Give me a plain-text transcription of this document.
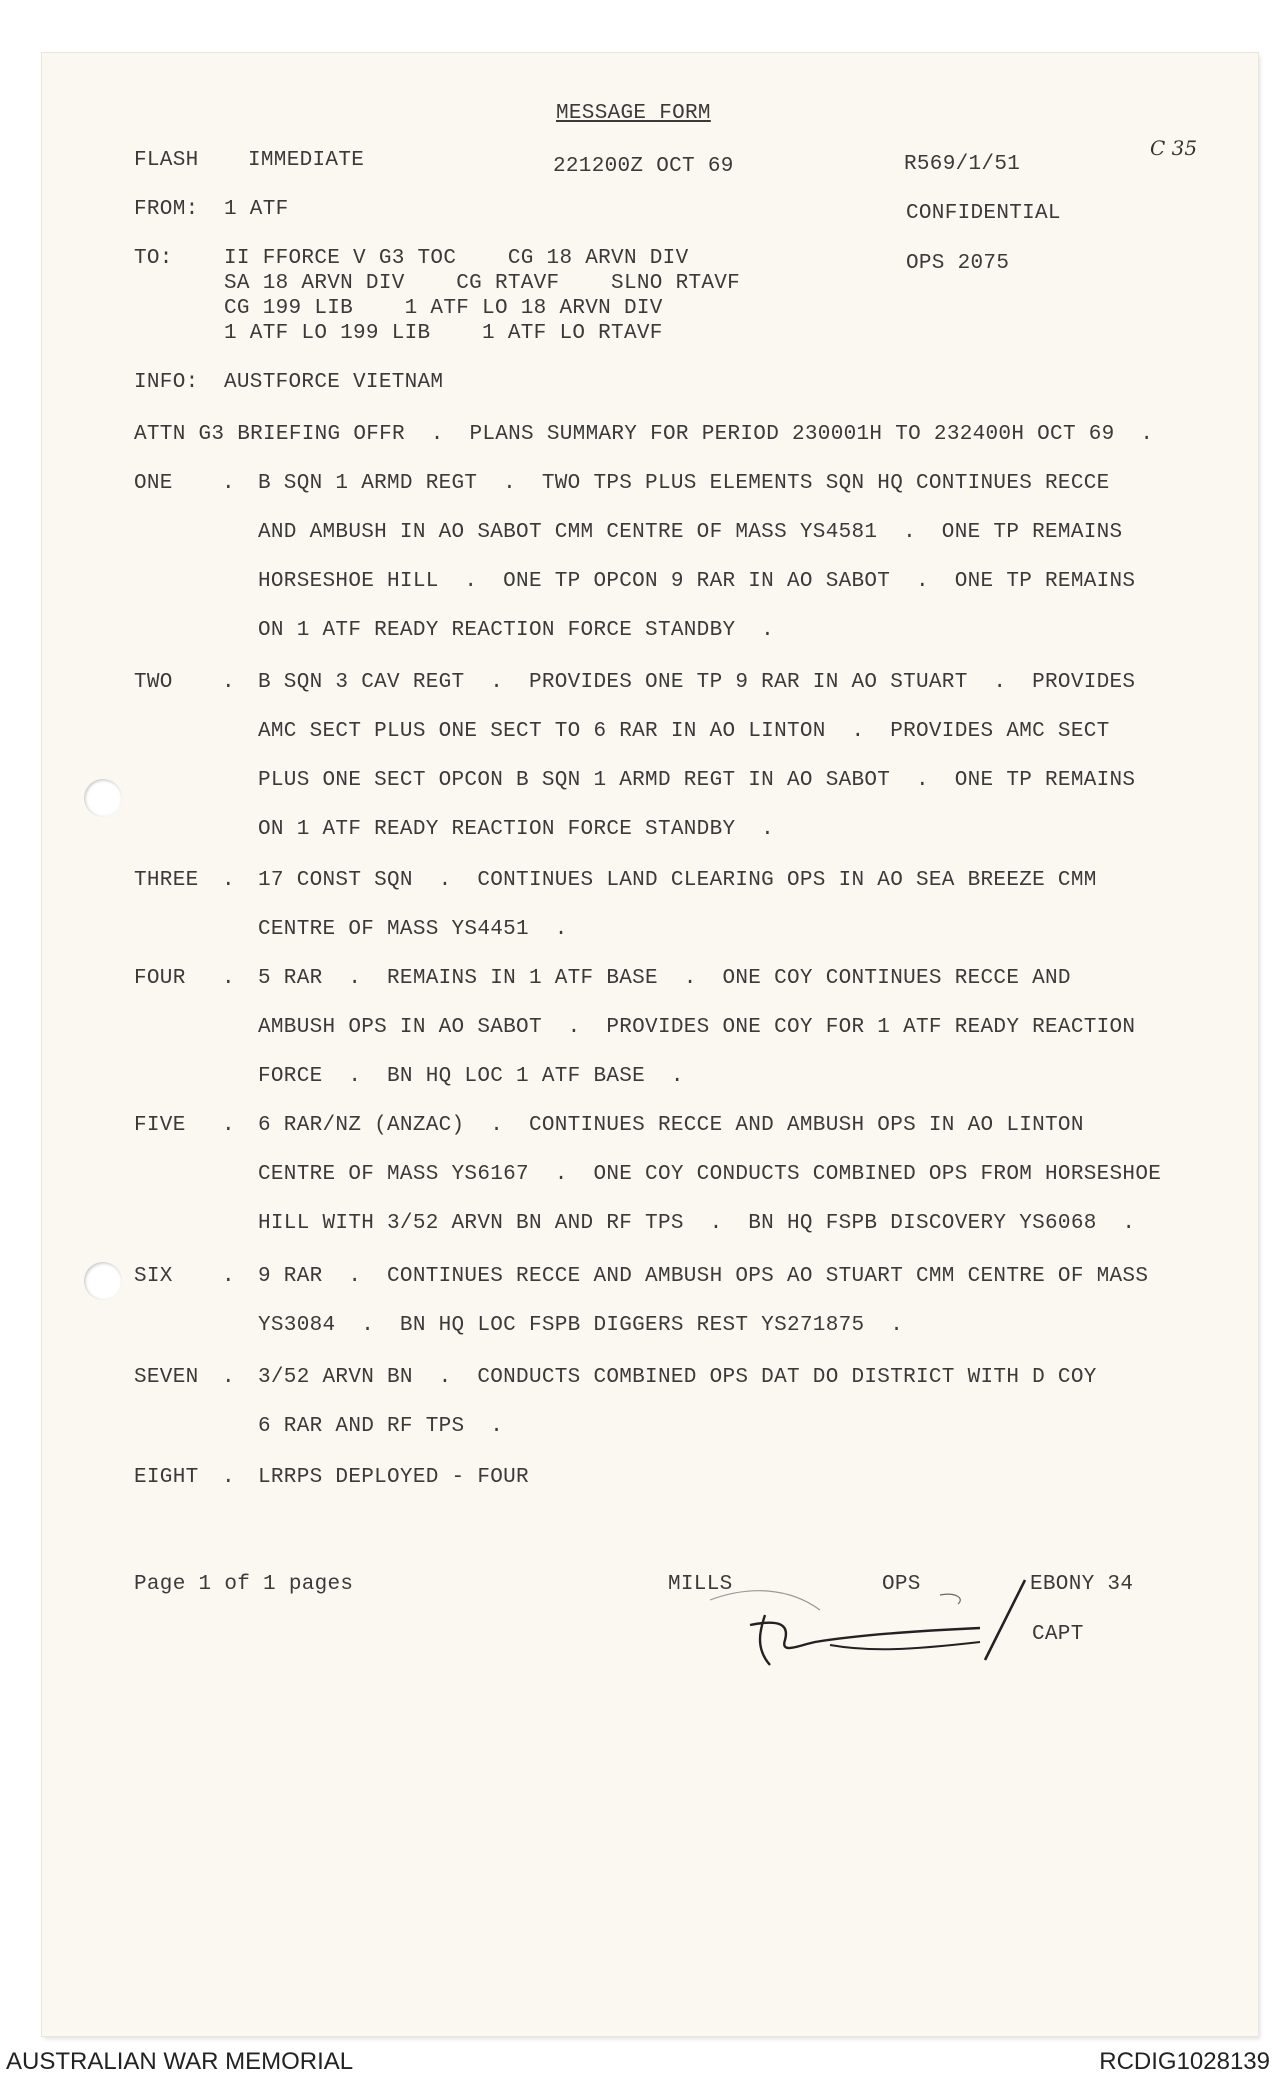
MESSAGE FORM
FLASH IMMEDIATE	221200Z OCT 69	R569/1/51
C 35
CONFIDENTIAL
OPS 2075
FROM: 1 ATF
TO: II FFORCE V G3 TOC    CG 18 ARVN DIV
SA 18 ARVN DIV    CG RTAVF    SLNO RTAVF
CG 199 LIB    1 ATF LO 18 ARVN DIV
1 ATF LO 199 LIB    1 ATF LO RTAVF
INFO: AUSTFORCE VIETNAM
ATTN G3 BRIEFING OFFR  .  PLANS SUMMARY FOR PERIOD 230001H TO 232400H OCT 69  .
ONE . B SQN 1 ARMD REGT  .  TWO TPS PLUS ELEMENTS SQN HQ CONTINUES RECCE
AND AMBUSH IN AO SABOT CMM CENTRE OF MASS YS4581  .  ONE TP REMAINS
HORSESHOE HILL  .  ONE TP OPCON 9 RAR IN AO SABOT  .  ONE TP REMAINS
ON 1 ATF READY REACTION FORCE STANDBY  .
TWO . B SQN 3 CAV REGT  .  PROVIDES ONE TP 9 RAR IN AO STUART  .  PROVIDES
AMC SECT PLUS ONE SECT TO 6 RAR IN AO LINTON  .  PROVIDES AMC SECT
PLUS ONE SECT OPCON B SQN 1 ARMD REGT IN AO SABOT  .  ONE TP REMAINS
ON 1 ATF READY REACTION FORCE STANDBY  .
THREE . 17 CONST SQN  .  CONTINUES LAND CLEARING OPS IN AO SEA BREEZE CMM
CENTRE OF MASS YS4451  .
FOUR . 5 RAR  .  REMAINS IN 1 ATF BASE  .  ONE COY CONTINUES RECCE AND
AMBUSH OPS IN AO SABOT  .  PROVIDES ONE COY FOR 1 ATF READY REACTION
FORCE  .  BN HQ LOC 1 ATF BASE  .
FIVE . 6 RAR/NZ (ANZAC)  .  CONTINUES RECCE AND AMBUSH OPS IN AO LINTON
CENTRE OF MASS YS6167  .  ONE COY CONDUCTS COMBINED OPS FROM HORSESHOE
HILL WITH 3/52 ARVN BN AND RF TPS  .  BN HQ FSPB DISCOVERY YS6068  .
SIX . 9 RAR  .  CONTINUES RECCE AND AMBUSH OPS AO STUART CMM CENTRE OF MASS
YS3084  .  BN HQ LOC FSPB DIGGERS REST YS271875  .
SEVEN . 3/52 ARVN BN  .  CONDUCTS COMBINED OPS DAT DO DISTRICT WITH D COY
6 RAR AND RF TPS  .
EIGHT . LRRPS DEPLOYED - FOUR
Page 1 of 1 pages	MILLS	OPS	EBONY 34
CAPT
AUSTRALIAN WAR MEMORIAL	RCDIG1028139
